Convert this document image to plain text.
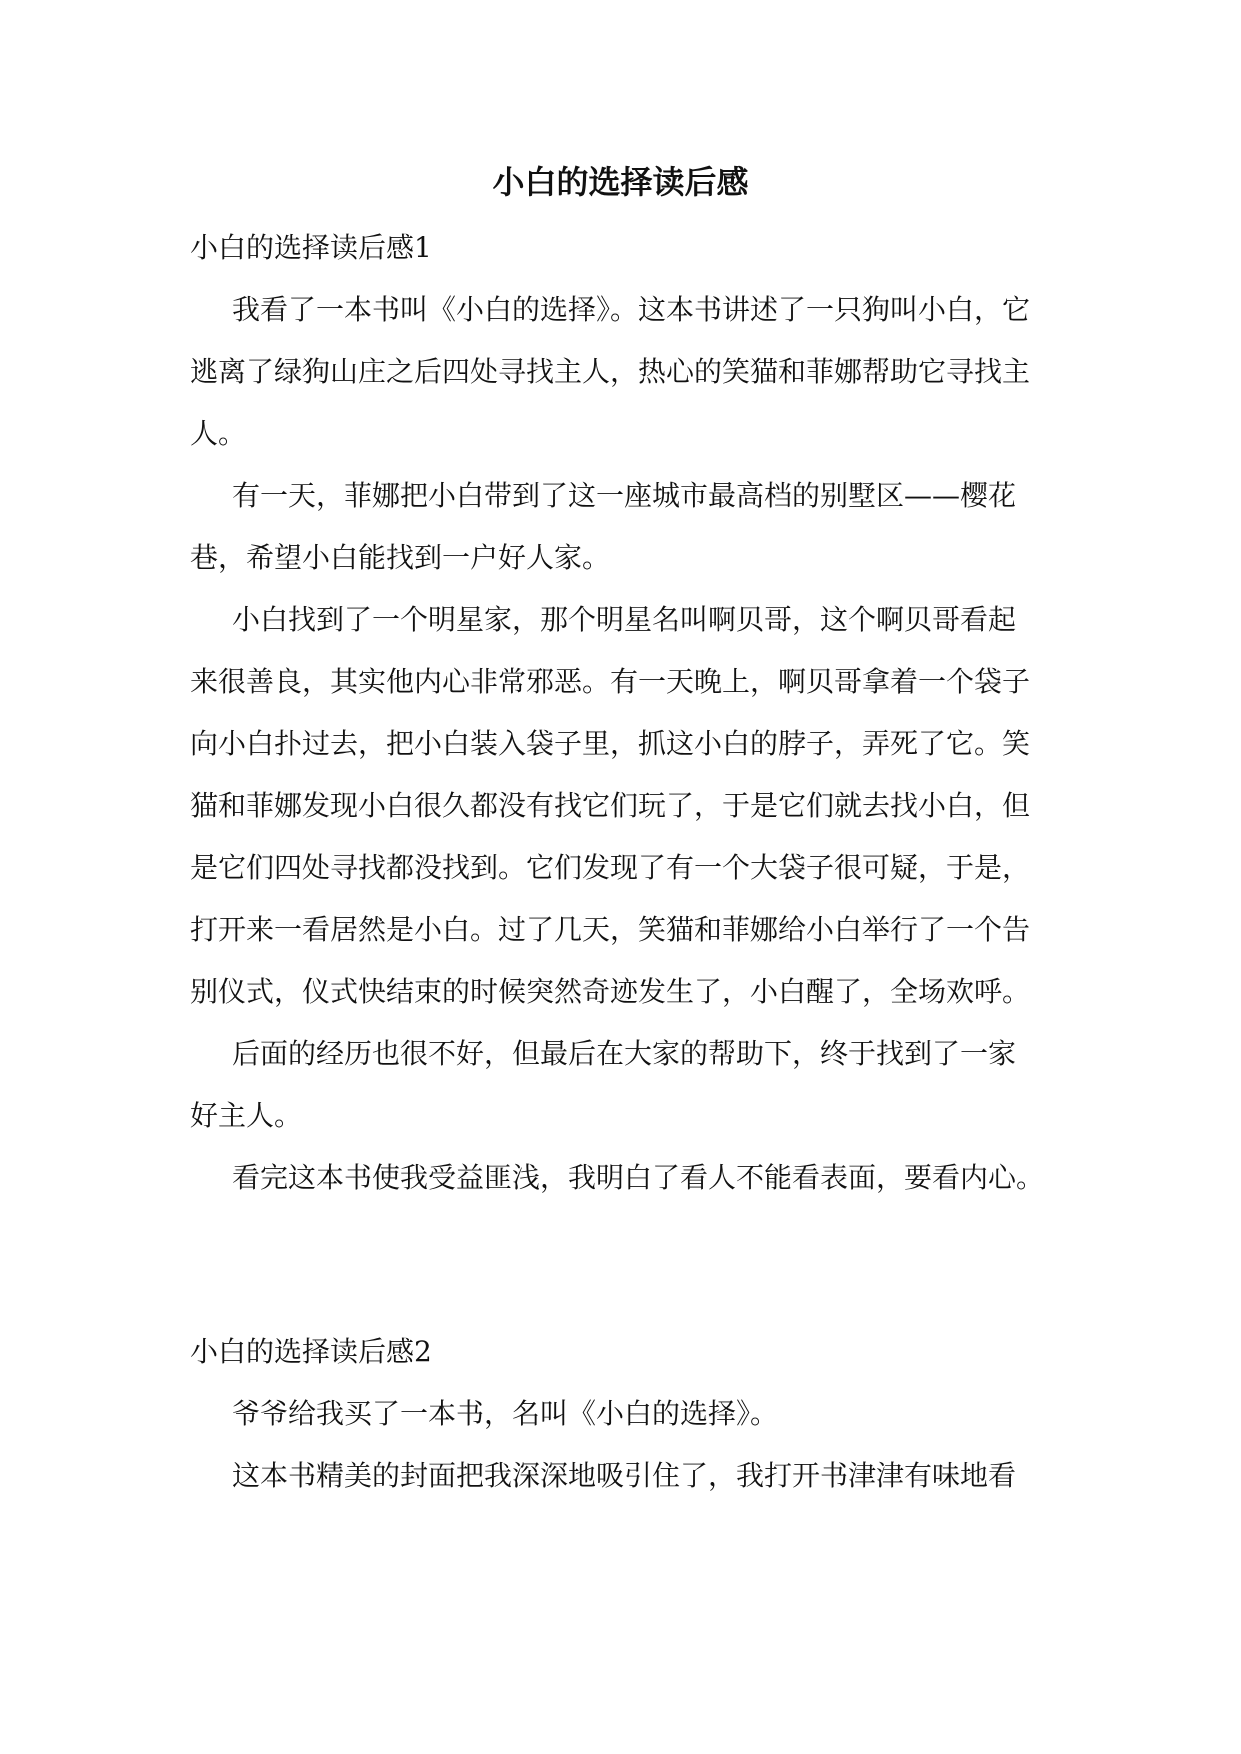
小白的选择读后感
小白的选择读后感1
我看了一本书叫《小白的选择》。这本书讲述了一只狗叫小白，它
逃离了绿狗山庄之后四处寻找主人，热心的笑猫和菲娜帮助它寻找主
人。
有一天，菲娜把小白带到了这一座城市最高档的别墅区——樱花
巷，希望小白能找到一户好人家。
小白找到了一个明星家，那个明星名叫啊贝哥，这个啊贝哥看起
来很善良，其实他内心非常邪恶。有一天晚上，啊贝哥拿着一个袋子
向小白扑过去，把小白装入袋子里，抓这小白的脖子，弄死了它。笑
猫和菲娜发现小白很久都没有找它们玩了，于是它们就去找小白，但
是它们四处寻找都没找到。它们发现了有一个大袋子很可疑，于是，
打开来一看居然是小白。过了几天，笑猫和菲娜给小白举行了一个告
别仪式，仪式快结束的时候突然奇迹发生了，小白醒了，全场欢呼。
后面的经历也很不好，但最后在大家的帮助下，终于找到了一家
好主人。
看完这本书使我受益匪浅，我明白了看人不能看表面，要看内心。
小白的选择读后感2
爷爷给我买了一本书，名叫《小白的选择》。
这本书精美的封面把我深深地吸引住了，我打开书津津有味地看
